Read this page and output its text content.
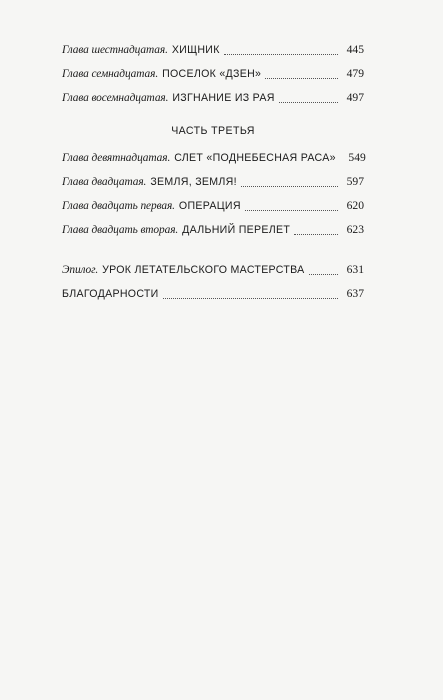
Глава шестнадцатая. ХИЩНИК	445
Глава семнадцатая. ПОСЕЛОК «ДЗЕН»	479
Глава восемнадцатая. ИЗГНАНИЕ ИЗ РАЯ	497
ЧАСТЬ ТРЕТЬЯ
Глава девятнадцатая. СЛЕТ «ПОДНЕБЕСНАЯ РАСА»	549
Глава двадцатая. ЗЕМЛЯ, ЗЕМЛЯ!	597
Глава двадцать первая. ОПЕРАЦИЯ	620
Глава двадцать вторая. ДАЛЬНИЙ ПЕРЕЛЕТ	623
Эпилог. УРОК ЛЕТАТЕЛЬСКОГО МАСТЕРСТВА	631
БЛАГОДАРНОСТИ	637
